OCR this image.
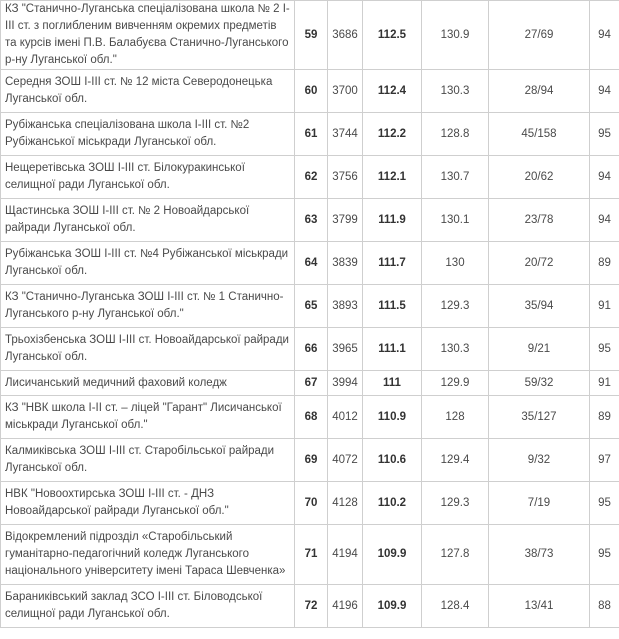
КЗ "Станично-Луганська спеціалізована школа № 2 І-ІІІ ст. з поглибленим вивченням окремих предметів та курсів імені П.В. Балабуєва Станично-Луганського р-ну Луганської обл."	59	3686	112.5	130.9	27/69	94
Середня ЗОШ І-ІІІ ст. № 12 міста Северодонецька Луганської обл.	60	3700	112.4	130.3	28/94	94
Рубіжанська спеціалізована школа І-ІІІ ст. №2 Рубіжанської міськради Луганської обл.	61	3744	112.2	128.8	45/158	95
Нещеретівська ЗОШ І-ІІІ ст. Білокуракинської селищної ради Луганської обл.	62	3756	112.1	130.7	20/62	94
Щастинська ЗОШ І-ІІІ ст. № 2 Новоайдарської райради Луганської обл.	63	3799	111.9	130.1	23/78	94
Рубіжанська ЗОШ І-ІІІ ст. №4 Рубіжанської міськради Луганської обл.	64	3839	111.7	130	20/72	89
КЗ "Станично-Луганська ЗОШ І-ІІІ ст. № 1 Станично-Луганського р-ну Луганської обл."	65	3893	111.5	129.3	35/94	91
Трьохізбенська ЗОШ І-ІІІ ст. Новоайдарської райради Луганської обл.	66	3965	111.1	130.3	9/21	95
Лисичанський медичний фаховий коледж	67	3994	111	129.9	59/32	91
КЗ "НВК школа І-ІІ ст. – ліцей "Гарант" Лисичанської міськради Луганської обл."	68	4012	110.9	128	35/127	89
Калмиківська ЗОШ І-ІІІ ст. Старобільської райради Луганської обл.	69	4072	110.6	129.4	9/32	97
НВК "Новоохтирська ЗОШ І-ІІІ ст. - ДНЗ Новоайдарської райради Луганської обл."	70	4128	110.2	129.3	7/19	95
Відокремлений підрозділ «Старобільський гуманітарно-педагогічний коледж Луганського національного університету імені Тараса Шевченка»	71	4194	109.9	127.8	38/73	95
Бараниківський заклад ЗСО І-ІІІ ст. Біловодської селищної ради Луганської обл.	72	4196	109.9	128.4	13/41	88
